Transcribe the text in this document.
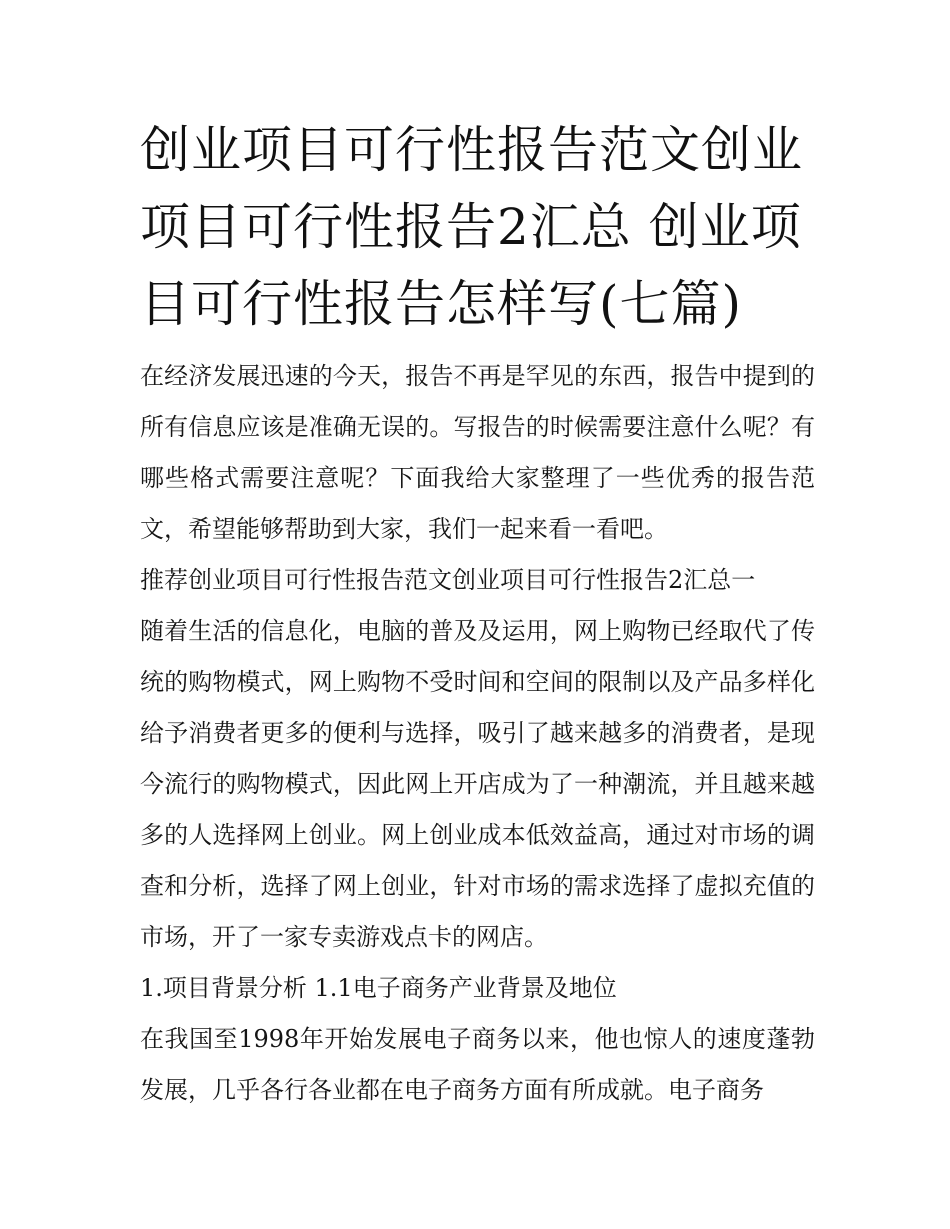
创业项目可行性报告范文创业项目可行性报告2汇总 创业项目可行性报告怎样写(七篇)

在经济发展迅速的今天，报告不再是罕见的东西，报告中提到的所有信息应该是准确无误的。写报告的时候需要注意什么呢？有哪些格式需要注意呢？下面我给大家整理了一些优秀的报告范文，希望能够帮助到大家，我们一起来看一看吧。

推荐创业项目可行性报告范文创业项目可行性报告2汇总一

随着生活的信息化，电脑的普及及运用，网上购物已经取代了传统的购物模式，网上购物不受时间和空间的限制以及产品多样化给予消费者更多的便利与选择，吸引了越来越多的消费者，是现今流行的购物模式，因此网上开店成为了一种潮流，并且越来越多的人选择网上创业。网上创业成本低效益高，通过对市场的调查和分析，选择了网上创业，针对市场的需求选择了虚拟充值的市场，开了一家专卖游戏点卡的网店。

1.项目背景分析 1.1电子商务产业背景及地位

在我国至1998年开始发展电子商务以来，他也惊人的速度蓬勃发展，几乎各行各业都在电子商务方面有所成就。电子商务
